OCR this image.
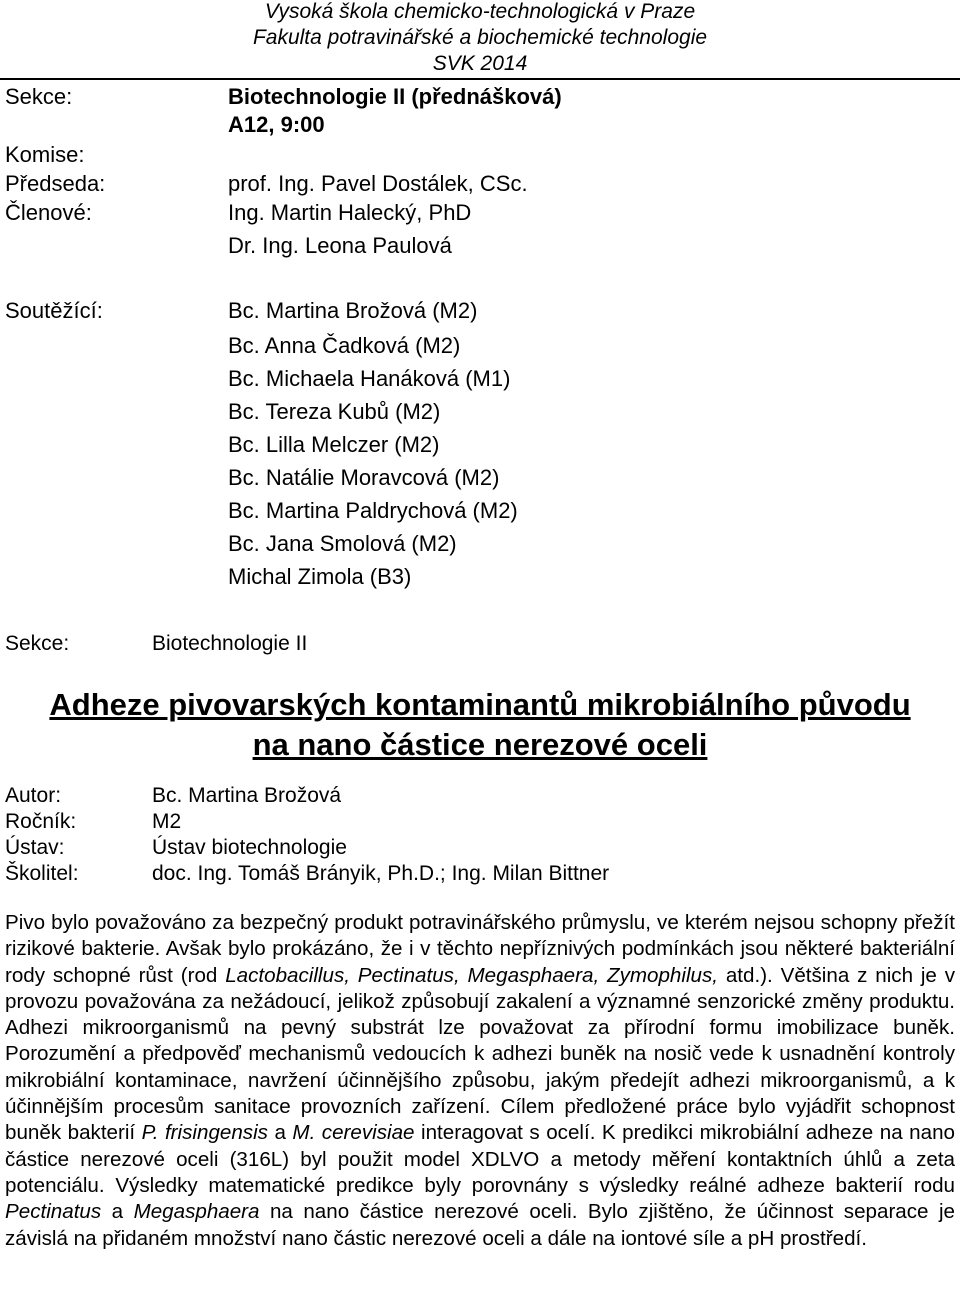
Vysoká škola chemicko-technologická v Praze
Fakulta potravinářské a biochemické technologie
SVK 2014
Sekce:	Biotechnologie II (přednášková)
A12, 9:00
Komise:
Předseda:	prof. Ing. Pavel Dostálek, CSc.
Členové:	Ing. Martin Halecký, PhD
Dr. Ing. Leona Paulová
Soutěžící:	Bc. Martina Brožová (M2)
Bc. Anna Čadková (M2)
Bc. Michaela Hanáková (M1)
Bc. Tereza Kubů (M2)
Bc. Lilla Melczer (M2)
Bc. Natálie Moravcová (M2)
Bc. Martina Paldrychová (M2)
Bc. Jana Smolová (M2)
Michal Zimola (B3)
Sekce:	Biotechnologie II
Adheze pivovarských kontaminantů mikrobiálního původu
na nano částice nerezové oceli
Autor:	Bc. Martina Brožová
Ročník:	M2
Ústav:	Ústav biotechnologie
Školitel:	doc. Ing. Tomáš Brányik, Ph.D.; Ing. Milan Bittner
Pivo bylo považováno za bezpečný produkt potravinářského průmyslu, ve kterém nejsou schopny přežít rizikové bakterie. Avšak bylo prokázáno, že i v těchto nepříznivých podmínkách jsou některé bakteriální rody schopné růst (rod Lactobacillus, Pectinatus, Megasphaera, Zymophilus, atd.). Většina z nich je v provozu považována za nežádoucí, jelikož způsobují zakalení a významné senzorické změny produktu. Adhezi mikroorganismů na pevný substrát lze považovat za přírodní formu imobilizace buněk. Porozumění a předpověď mechanismů vedoucích k adhezi buněk na nosič vede k usnadnění kontroly mikrobiální kontaminace, navržení účinnějšího způsobu, jakým předejít adhezi mikroorganismů, a k účinnějším procesům sanitace provozních zařízení. Cílem předložené práce bylo vyjádřit schopnost buněk bakterií P. frisingensis a M. cerevisiae interagovat s ocelí. K predikci mikrobiální adheze na nano částice nerezové oceli (316L) byl použit model XDLVO a metody měření kontaktních úhlů a zeta potenciálu. Výsledky matematické predikce byly porovnány s výsledky reálné adheze bakterií rodu Pectinatus a Megasphaera na nano částice nerezové oceli. Bylo zjištěno, že účinnost separace je závislá na přidaném množství nano částic nerezové oceli a dále na iontové síle a pH prostředí.
